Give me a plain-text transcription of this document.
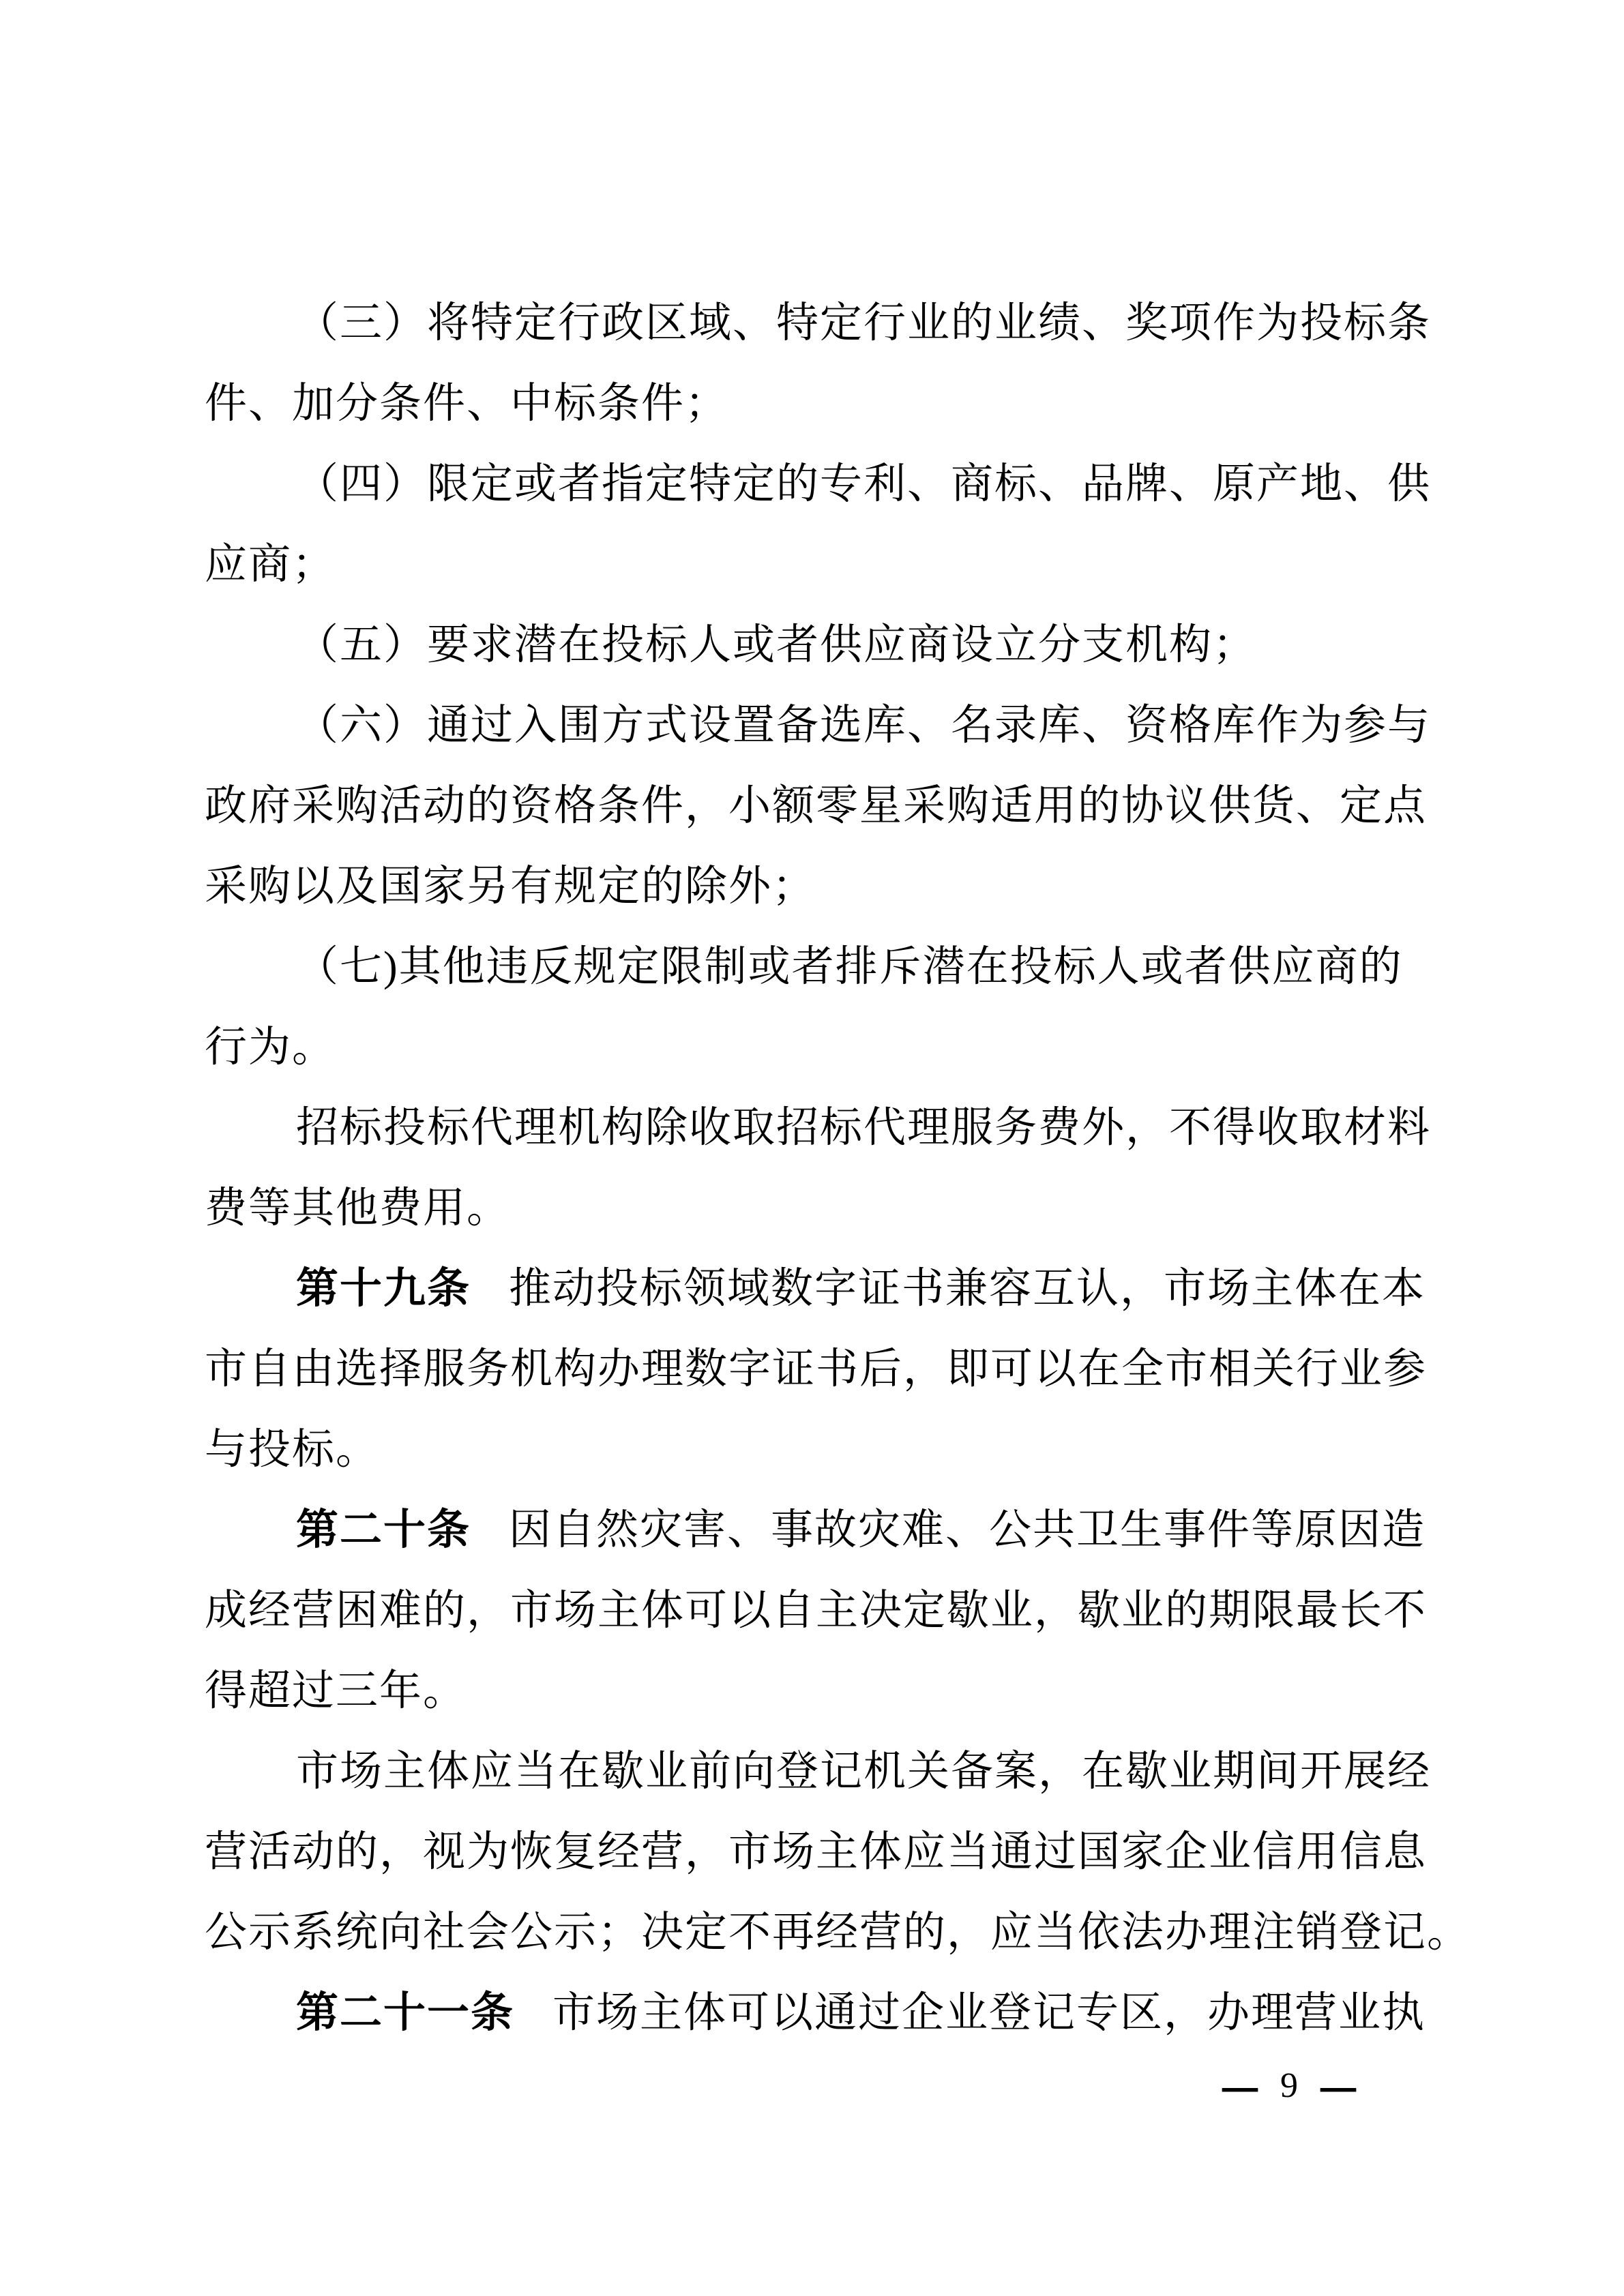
（三）将特定行政区域、特定行业的业绩、奖项作为投标条
件、加分条件、中标条件；
（四）限定或者指定特定的专利、商标、品牌、原产地、供
应商；
（五）要求潜在投标人或者供应商设立分支机构；
（六）通过入围方式设置备选库、名录库、资格库作为参与
政府采购活动的资格条件，小额零星采购适用的协议供货、定点
采购以及国家另有规定的除外；
（七)其他违反规定限制或者排斥潜在投标人或者供应商的
行为。
招标投标代理机构除收取招标代理服务费外，不得收取材料
费等其他费用。
第十九条 推动投标领域数字证书兼容互认，市场主体在本
市自由选择服务机构办理数字证书后，即可以在全市相关行业参
与投标。
第二十条 因自然灾害、事故灾难、公共卫生事件等原因造
成经营困难的，市场主体可以自主决定歇业，歇业的期限最长不
得超过三年。
市场主体应当在歇业前向登记机关备案，在歇业期间开展经
营活动的，视为恢复经营，市场主体应当通过国家企业信用信息
公示系统向社会公示；决定不再经营的，应当依法办理注销登记。
第二十一条 市场主体可以通过企业登记专区，办理营业执
— 9 —
